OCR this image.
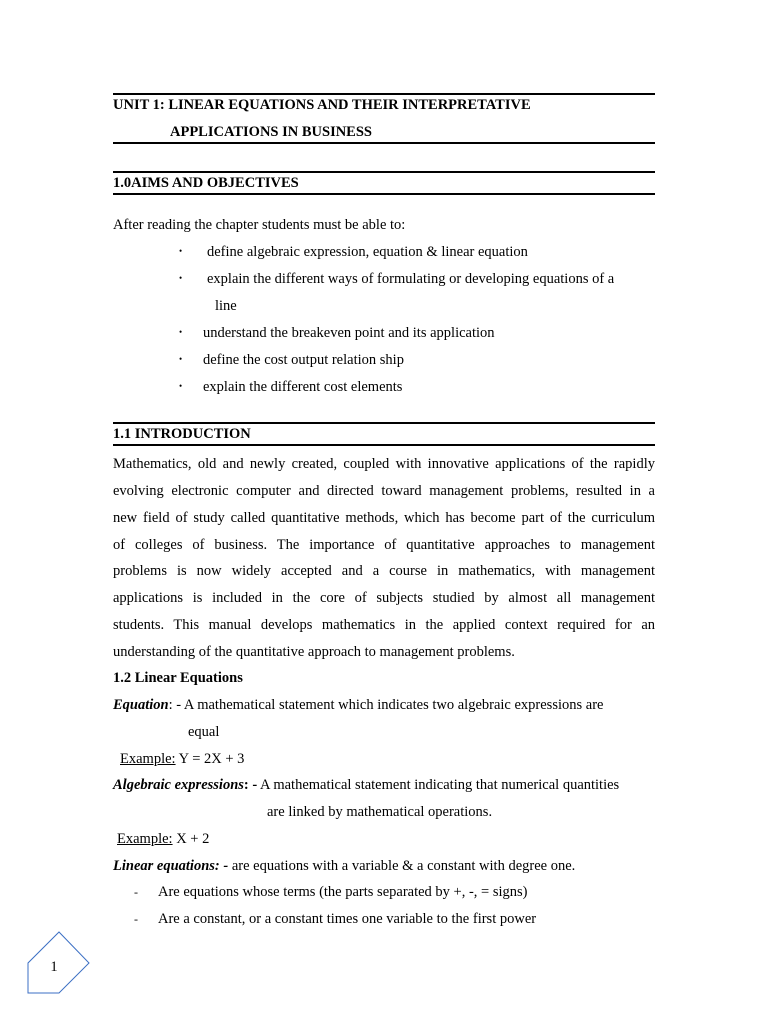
UNIT 1: LINEAR EQUATIONS AND THEIR INTERPRETATIVE
APPLICATIONS IN BUSINESS
1.0AIMS AND OBJECTIVES
After reading the chapter students must be able to:
• define algebraic expression, equation & linear equation
• explain the different ways of formulating or developing equations of a
line
• understand the breakeven point and its application
• define the cost output relation ship
• explain the different cost elements
1.1 INTRODUCTION
Mathematics, old and newly created, coupled with innovative applications of the rapidly
evolving electronic computer and directed toward management problems, resulted in a
new field of study called quantitative methods, which has become part of the curriculum
of colleges of business. The importance of quantitative approaches to management
problems is now widely accepted and a course in mathematics, with management
applications is included in the core of subjects studied by almost all management
students. This manual develops mathematics in the applied context required for an
understanding of the quantitative approach to management problems.
1.2 Linear Equations
Equation: - A mathematical statement which indicates two algebraic expressions are
equal
Example: Y = 2X + 3
Algebraic expressions: - A mathematical statement indicating that numerical quantities
are linked by mathematical operations.
Example: X + 2
Linear equations: - are equations with a variable & a constant with degree one.
- Are equations whose terms (the parts separated by +, -, = signs)
- Are a constant, or a constant times one variable to the first power
1
